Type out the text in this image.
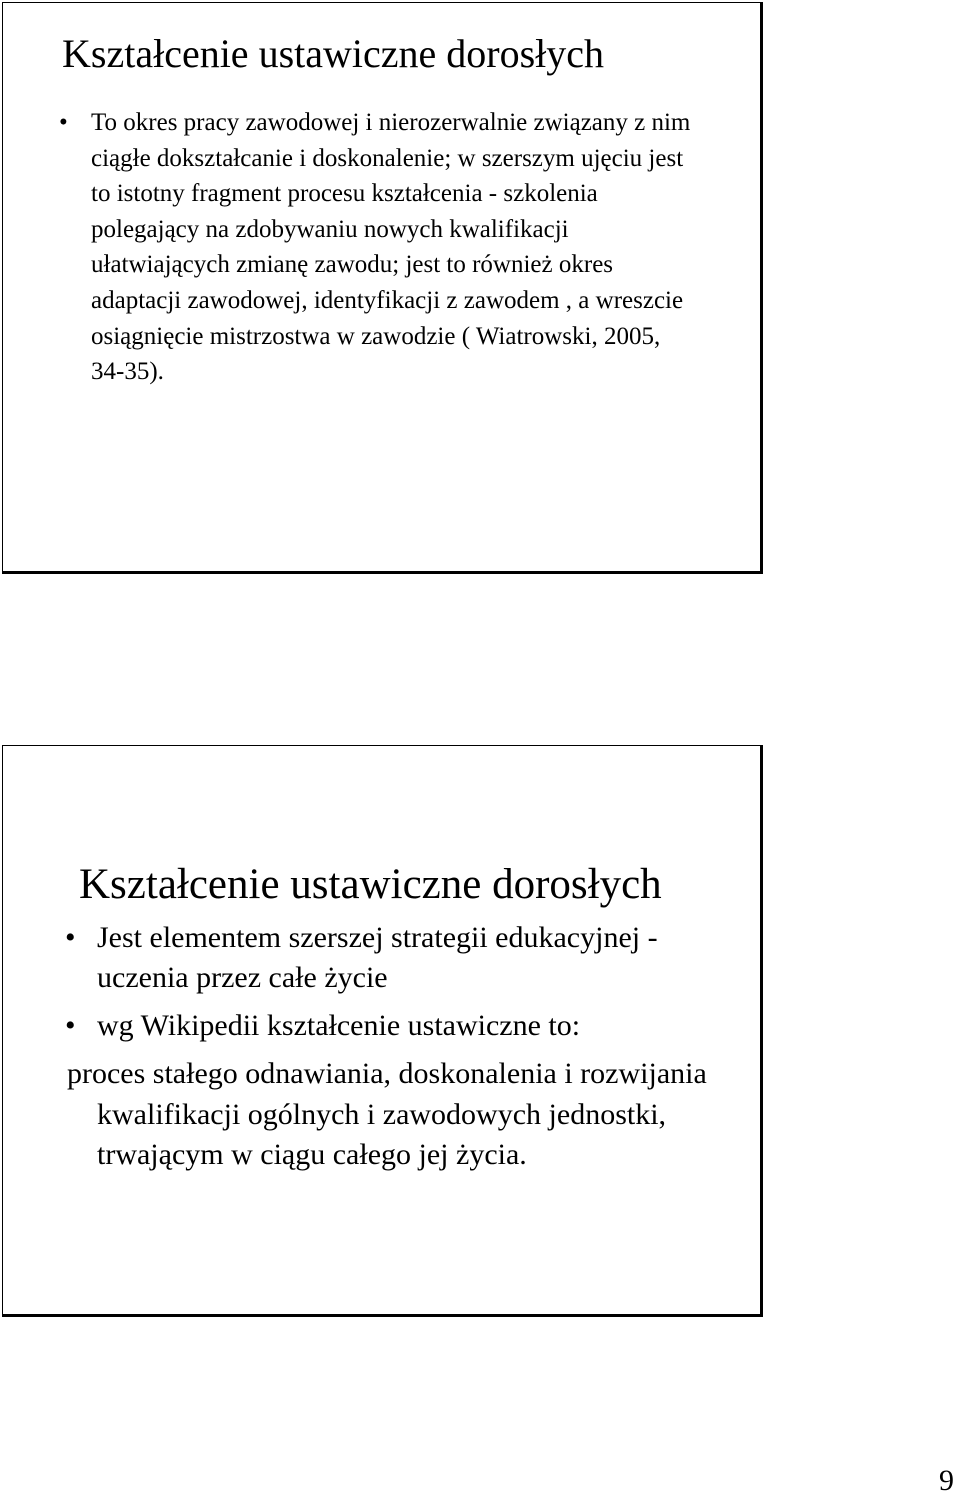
Kształcenie ustawiczne dorosłych
• To okres pracy zawodowej i nierozerwalnie związany z nim ciągłe dokształcanie i doskonalenie; w szerszym ujęciu jest to istotny fragment procesu kształcenia - szkolenia polegający na zdobywaniu nowych kwalifikacji ułatwiających zmianę zawodu; jest to również okres adaptacji zawodowej, identyfikacji z zawodem , a wreszcie osiągnięcie mistrzostwa w zawodzie ( Wiatrowski, 2005, 34-35).
Kształcenie ustawiczne dorosłych
• Jest elementem szerszej strategii edukacyjnej - uczenia przez całe życie
• wg Wikipedii kształcenie ustawiczne to:
proces stałego odnawiania, doskonalenia i rozwijania kwalifikacji ogólnych i zawodowych jednostki, trwającym w ciągu całego jej życia.
9
